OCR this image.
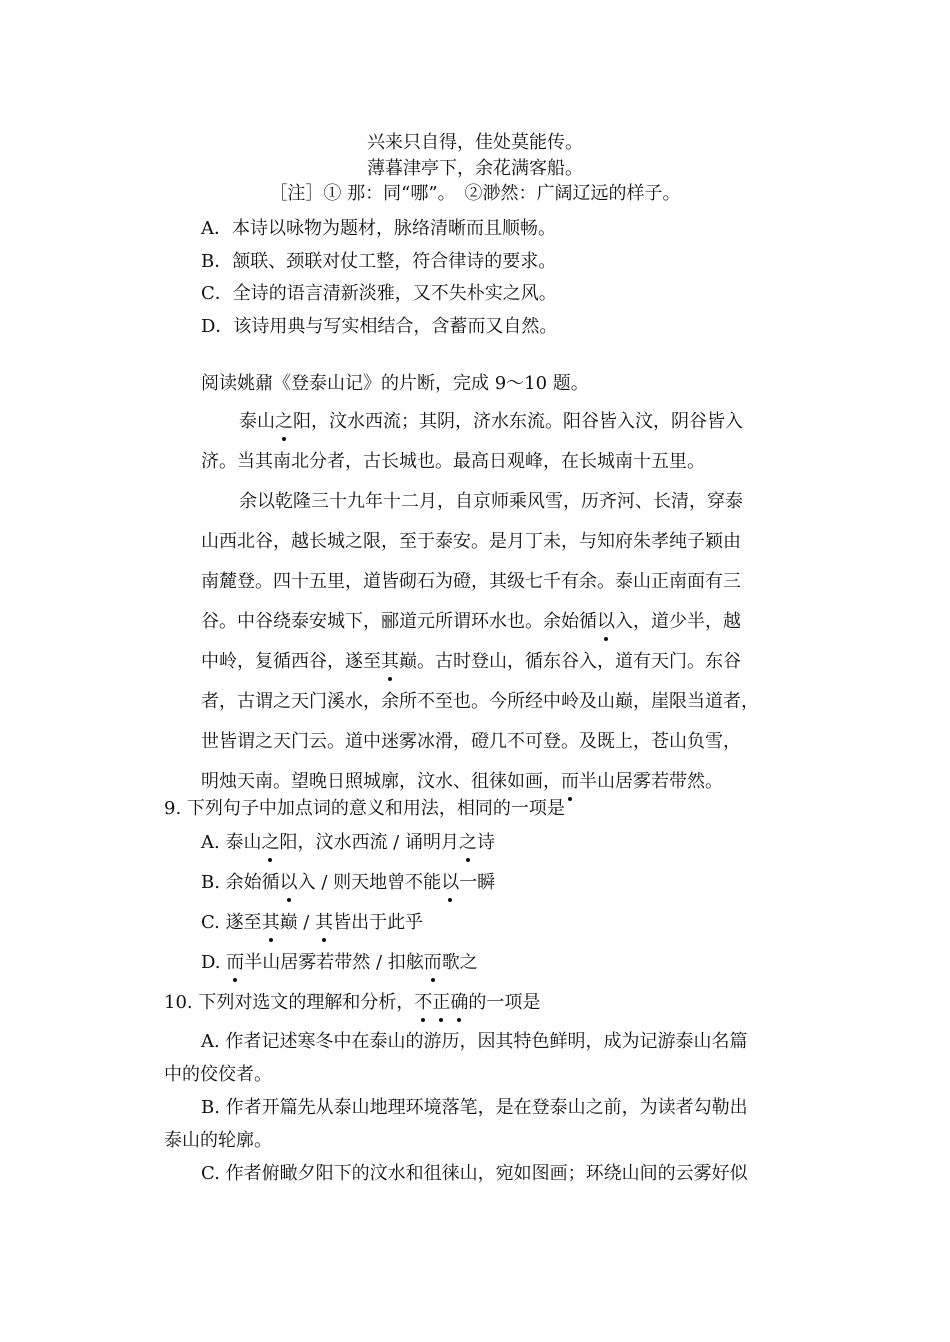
兴来只自得，佳处莫能传。
薄暮津亭下，余花满客船。
［注］① 那：同“哪”。　②渺然：广阔辽远的样子。
A．本诗以咏物为题材，脉络清晰而且顺畅。
B．颔联、颈联对仗工整，符合律诗的要求。
C．全诗的语言清新淡雅，又不失朴实之风。
D．该诗用典与写实相结合，含蓄而又自然。
阅读姚鼐《登泰山记》的片断，完成 9～10 题。
泰山之阳，汶水西流；其阴，济水东流。阳谷皆入汶，阴谷皆入
济。当其南北分者，古长城也。最高日观峰，在长城南十五里。
余以乾隆三十九年十二月，自京师乘风雪，历齐河、长清，穿泰
山西北谷，越长城之限，至于泰安。是月丁未，与知府朱孝纯子颖由
南麓登。四十五里，道皆砌石为磴，其级七千有余。泰山正南面有三
谷。中谷绕泰安城下，郦道元所谓环水也。余始循以入，道少半，越
中岭，复循西谷，遂至其巅。古时登山，循东谷入，道有天门。东谷
者，古谓之天门溪水，余所不至也。今所经中岭及山巅，崖限当道者，
世皆谓之天门云。道中迷雾冰滑，磴几不可登。及既上，苍山负雪，
明烛天南。望晚日照城廓，汶水、徂徕如画，而半山居雾若带然。
9. 下列句子中加点词的意义和用法，相同的一项是
A. 泰山之阳，汶水西流 / 诵明月之诗
B. 余始循以入 / 则天地曾不能以一瞬
C. 遂至其巅 / 其皆出于此乎
D. 而半山居雾若带然 / 扣舷而歌之
10. 下列对选文的理解和分析，不正确的一项是
A. 作者记述寒冬中在泰山的游历，因其特色鲜明，成为记游泰山名篇
中的佼佼者。
B. 作者开篇先从泰山地理环境落笔，是在登泰山之前，为读者勾勒出
泰山的轮廓。
C. 作者俯瞰夕阳下的汶水和徂徕山，宛如图画；环绕山间的云雾好似
